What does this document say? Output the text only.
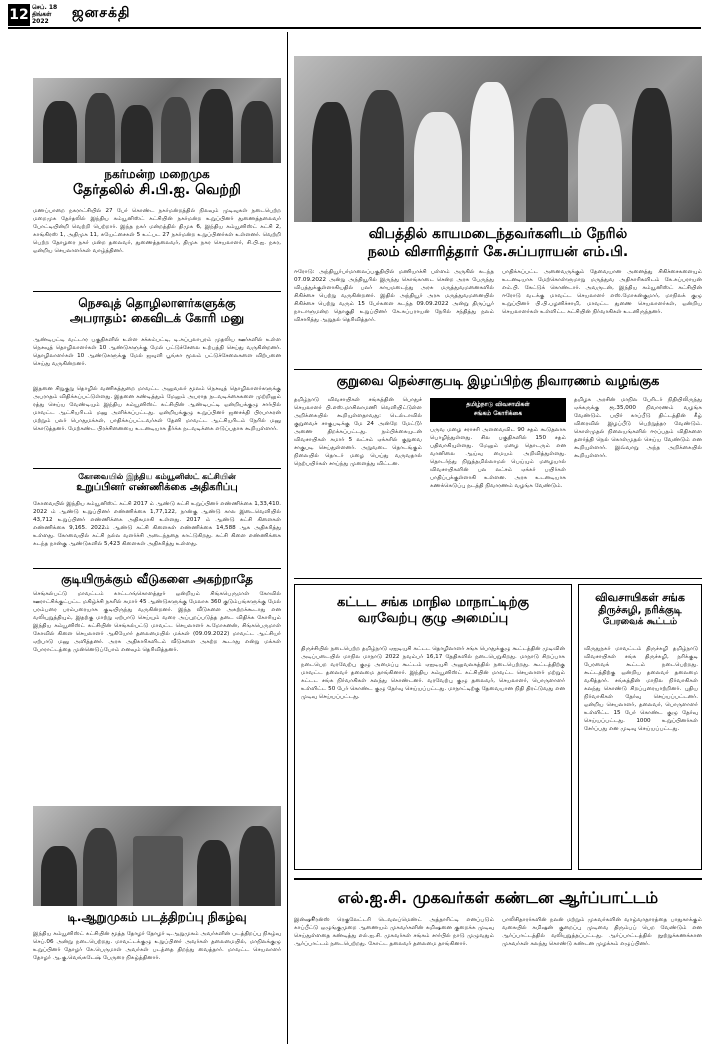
12 செப். 18
திங்கள்
2022
ஜனசக்தி
நகர்மன்ற மறைமுக
தேர்தலில் சி.பி.ஐ. வெற்றி
மணப்பாறை நகராட்சியில் 27 பேர் கொண்ட நகர்மன்றத்தில் நிலவும் முடிவுகள் நடைபெற்ற மறைமுக தேர்தலில் இந்திய கம்யூனிஸ்ட் கட்சியின் நகர்மன்ற உறுப்பினர் துணைத்தலைவர் போட்டியின்றி வெற்றி பெற்றார். இந்த நகர் மன்றத்தில் திமுக 6, இந்திய கம்யூனிஸ்ட் கட்சி 2, காங்கிரஸ் 1, அதிமுக 11, சுயேட்சைகள் 5 உட்பட 27 நகர்மன்ற உறுப்பினர்கள் உள்ளனர். வெற்றி பெற்ற தோழரை நகர் மன்ற தலைவர், துணைத்தலைவர், திமுக நகர செயலாளர், சி.பி.ஐ. நகர, ஒன்றிய செயலாளர்கள் வாழ்த்தினர்.
நெசவுத் தொழிலாளர்களுக்கு
அபராதம்: கைவிடக் கோரி மனு
ஆண்டிபட்டி வட்டார பகுதிகளில் உள்ள சக்கம்பட்டி, டி.சுப்புலாபுரம் முதலிய ஊர்களில் உள்ள நெசவுத் தொழிலாளர்கள் 10 ஆண்டுகளுக்கு மேல் பட்டுச்சேலை உற்பத்தி செய்து வருகின்றனர். தொழிலாளர்கள் 10 ஆண்டுகளுக்கு மேல் ஜவுளி பூங்கா மூலம் பட்டுச்சேலைகளை விற்பனை செய்து வருகின்றனர்.
இதனை சிறுகுறு தொழில் வணிகத்துறை மாவட்ட அலுவலர் மூலம் நெசவுத் தொழிலாளர்களுக்கு அபராதம் விதிக்கப்பட்டுள்ளது. இதனை கண்டித்தும் மேலும் அபராத நடவடிக்கைகளை முற்றிலும் ரத்து செய்ய வேண்டியும் இந்திய கம்யூனிஸ்ட் கட்சியின் ஆண்டிபட்டி ஒன்றியக்குழு சார்பில் மாவட்ட ஆட்சியரிடம் மனு அளிக்கப்பட்டது. ஒன்றியக்குழு உறுப்பினர் ஜனசக்தி பிரபாகரன் மற்றும் பலர் பொதுமக்கள், பாதிக்கப்பட்டவர்கள் தேனி மாவட்ட ஆட்சியரிடம் நேரில் மனு கொடுத்தனர். மேற்கண்ட பிரச்சினையை உடனடியாக தீர்க்க நடவடிக்கை எடுப்பதாக கூறியுள்ளார்.
கோவையில் இந்திய கம்யூனிஸ்ட் கட்சியின்
உறுப்பினர் எண்ணிக்கை அதிகரிப்பு
கோவையில் இந்திய கம்யூனிஸ்ட் கட்சி 2017 ம் ஆண்டு கட்சி உறுப்பினர் எண்ணிக்கை 1,33,410. 2022 ம் ஆண்டு உறுப்பினர் எண்ணிக்கை 1,77,122, நான்கு ஆண்டு கால இடைவெளியில் 43,712 உறுப்பினர் எண்ணிக்கை அதிகமாகி உள்ளது. 2017 ம் ஆண்டு கட்சி கிளைகள் எண்ணிக்கை 9,165. 2022ம் ஆண்டு கட்சி கிளைகள் எண்ணிக்கை 14,588 ஆக அதிகரித்து உள்ளது. கோவையில் கட்சி நல்ல வளர்ச்சி அடைந்ததை காட்டுகிறது. கட்சி கிளை எண்ணிக்கை கடந்த நான்கு ஆண்டுகளில் 5,423 கிளைகள் அதிகரித்து உள்ளது.
குடியிருக்கும் வீடுகளை அகற்றாதே
செங்கல்பட்டு மாவட்டம் காட்டாங்கொளத்தூர் ஒன்றியம் சிங்கபெருமாள் கோவில் ஊராட்சிக்குட்பட்ட மகிழ்ச்சி நகரில் சுமார் 45 ஆண்டுகளுக்கு மேலாக 360 குடும்பங்களுக்கு மேல் பரம்பரை பரம்பரையாக குடியிருந்து வருகின்றனர். இந்த வீடுகளை அகற்றக்கூடாது என வலியுறுத்தியும், இதற்கு மாற்று ஏற்பாடு செய்யும் வரை அப்புறப்படுத்த தடை விதிக்க கோரியும் இந்திய கம்யூனிஸ்ட் கட்சியின் செங்கல்பட்டு மாவட்ட செயலாளர் க.மோகனன், சிங்கபெருமாள் கோவில் கிளை செயலாளர் ஆகியோர் தலைமையில் மக்கள் (09.09.2022) மாவட்ட ஆட்சியர் ஏற்பாடு மனு அளித்தனர். அரசு அதிகாரிகளிடம் வீடுகளை அகற்ற கூடாது என்று மக்கள் போராட்டத்தை முன்னெடுப்போம் எனவும் தெரிவித்தனர்.
டி.ஆறுமுகம் படத்திறப்பு நிகழ்வு
இந்திய கம்யூனிஸ்ட் கட்சியின் மூத்த தோழர் தோழர் டி.ஆறுமுகம் அவர்களின் படத்திறப்பு நிகழ்வு செப்.06 அன்று நடைபெற்றது. மாவட்டக்குழு உறுப்பினர் அவர்கள் தலைமையில், மாநிலக்குழு உறுப்பினர் தோழர் கே.பெருமாள் அவர்கள் படத்தை திறந்து வைத்தார். மாவட்ட செயலாளர் தோழர் ஆ.கு.வெங்கடேஷ் பேருரை நிகழ்த்தினார்.
விபத்தில் காயமடைந்தவர்களிடம் நேரில்
நலம் விசாரித்தார் கே.சுப்பராயன் எம்.பி.
ஈரோடு: அந்தியூர்பர்மாலைப்பகுதியில் மணியாச்சி பள்ளம் அருகில் கடந்த 07.09.2022 அன்று அந்தியூரில் இருந்து கொங்காடை சென்ற அரசு பேருந்து விபத்துக்குள்ளாகியதில் பலர் காயமடைந்து அரசு மருத்துவமனைகளில் சிகிச்சை பெற்று வருகின்றனர். இதில் அந்தியூர் அரசு மருத்துவமனையில் சிகிச்சை பெற்று வரும் 15 பேர்களை கடந்த 09.09.2022 அன்று திருப்பூர் நாடாளுமன்ற தொகுதி உறுப்பினர் கே.சுப்பராயன் நேரில் சந்தித்து நலம் விசாரித்து ஆறுதல் தெரிவித்தார்.
பாதிக்கப்பட்ட அனைவருக்கும் தேவையான அனைத்து சிகிச்சைகளையும் உடனடியாக மேற்கொள்ளுமாறு மருத்துவ அதிகாரிகளிடம் கே.சுப்பராயன் எம்.பி. கேட்டுக் கொண்டார். அவருடன், இந்திய கம்யூனிஸ்ட் கட்சியின் ஈரோடு வடக்கு மாவட்ட செயலாளர் எஸ்.மோகன்குமார், மாநிலக் குழு உறுப்பினர் பி.பி.பழனிச்சாமி, மாவட்ட துணை செயலாளர்கள், ஒன்றிய செயலாளர்கள் உள்ளிட்ட கட்சியின் நிர்வாகிகள் உடனிருந்தனர்.
குறுவை நெல்சாகுபடி இழப்பிற்கு நிவாரணம் வழங்குக
தமிழ்நாடு விவசாயிகள் சங்கத்தின் பொதுச் செயலாளர் பி.எஸ்.மாசிலாமணி வெளியிட்டுள்ள அறிக்கையில் கூறியுள்ளதாவது: டெல்டாவில் குறுவைச் சாகுபடிக்கு மே 24 அன்றே மேட்டூர் அணை திறக்கப்பட்டது. நம்பிக்கையுடன் விவசாயிகள் சுமார் 5 லட்சம் ஏக்கரில் குறுவை சாகுபடி செய்துள்ளனர். அறுவடை தொடங்கும் நிலையில் தொடர் மழை பெய்து வருவதால் நெற்பயிர்கள் சாய்ந்து முளைத்து விட்டன.
தமிழ்நாடு விவசாயிகள்
சங்கம் கோரிக்கை
பருவ மழை சராசரி அளவைவிட 90 சதம் கூடுதலாக பொழிந்துள்ளது. சில பகுதிகளில் 150 சதம் பதிவாகியுள்ளது. மேலும் மழை தொடரும் என வானிலை ஆய்வு மையம் அறிவித்துள்ளது. தொடர்ந்து நிறுத்தமில்லாமல் பெய்யும் மழையால் விவசாயிகளின் பல லட்சம் ஏக்கர் பயிர்கள் பாதிப்புக்குள்ளாகி உள்ளன. அரசு உடனடியாக கணக்கெடுப்பு நடத்தி நிவாரணம் வழங்க வேண்டும்.
தமிழக அரசின் மாநில பேரிடர் நிதியிலிருந்து ஏக்கருக்கு ரூ.35,000 நிவாரணம் வழங்க வேண்டும். பயிர் காப்பீடு திட்டத்தின் கீழ் விரைவில் இழப்பீடு பெற்றுத்தர வேண்டும். கொள்முதல் நிலையங்களில் ஈரப்பதம் விதிகளை தளர்த்தி நெல் கொள்முதல் செய்ய வேண்டும் என கூறியுள்ளார். இவ்வாறு அந்த அறிக்கையில் கூறியுள்ளார்.
கட்டட சங்க மாநில மாநாட்டிற்கு
வரவேற்பு குழு அமைப்பு
திருச்சியில் நடைபெற்ற தமிழ்நாடு ஏஐடியுசி கட்டட தொழிலாளர் சங்க பொதுக்குழு கூட்டத்தின் முடிவின் அடிப்படையில் மாநில மாநாடு 2022 நவம்பர் 16,17 தேதிகளில் நடைபெறுகிறது. மாநாடு சிறப்பாக நடைபெற வரவேற்பு குழு அமைப்பு கூட்டம் ஏஐடியுசி அலுவலகத்தில் நடைபெற்றது. கூட்டத்திற்கு மாவட்ட தலைவர் தலைமை தாங்கினார். இந்திய கம்யூனிஸ்ட் கட்சியின் மாவட்ட செயலாளர் மற்றும் கட்டட சங்க நிர்வாகிகள் கலந்து கொண்டனர். வரவேற்பு குழு தலைவர், செயலாளர், பொருளாளர் உள்ளிட்ட 50 பேர் கொண்ட குழு தேர்வு செய்யப்பட்டது. மாநாட்டிற்கு தேவையான நிதி திரட்டுவது என முடிவு செய்யப்பட்டது.
விவசாயிகள் சங்க
திருச்சுழி, நரிக்குடி
பேரவைக் கூட்டம்
விருதுநகர் மாவட்டம் திருச்சுழி தமிழ்நாடு விவசாயிகள் சங்க திருச்சுழி, நரிக்குடி பேரவைக் கூட்டம் நடைபெற்றது. கூட்டத்திற்கு ஒன்றிய தலைவர் தலைமை வகித்தார். சங்கத்தின் மாநில நிர்வாகிகள் கலந்து கொண்டு சிறப்புரையாற்றினர். புதிய நிர்வாகிகள் தேர்வு செய்யப்பட்டனர். ஒன்றிய செயலாளர், தலைவர், பொருளாளர் உள்ளிட்ட 15 பேர் கொண்ட குழு தேர்வு செய்யப்பட்டது. 1000 உறுப்பினர்கள் சேர்ப்பது என முடிவு செய்யப்பட்டது.
எல்.ஐ.சி. முகவர்கள் கண்டன ஆர்ப்பாட்டம்
இன்ஷூரன்ஸ் ரெகுலேட்டரி டெவலப்மெண்ட் அத்தாரிட்டி எனப்படும் காப்பீட்டு ஒழுங்குமுறை ஆணையம் முகவர்களின் கமிஷனை குறைக்க முடிவு செய்துள்ளதை கண்டித்து எல்.ஐ.சி. முகவர்கள் சங்கம் சார்பில் நாடு முழுவதும் ஆர்ப்பாட்டம் நடைபெற்றது. கோட்ட தலைவர் தலைமை தாங்கினார்.
பாலிசிதாரர்களின் நலன் மற்றும் முகவர்களின் வாழ்வாதாரத்தை பாதுகாக்கும் வகையில் கமிஷன் குறைப்பு முடிவை திரும்பப் பெற வேண்டும் என ஆர்ப்பாட்டத்தில் வலியுறுத்தப்பட்டது. ஆர்ப்பாட்டத்தில் நூற்றுக்கணக்கான முகவர்கள் கலந்து கொண்டு கண்டன முழக்கம் எழுப்பினர்.
